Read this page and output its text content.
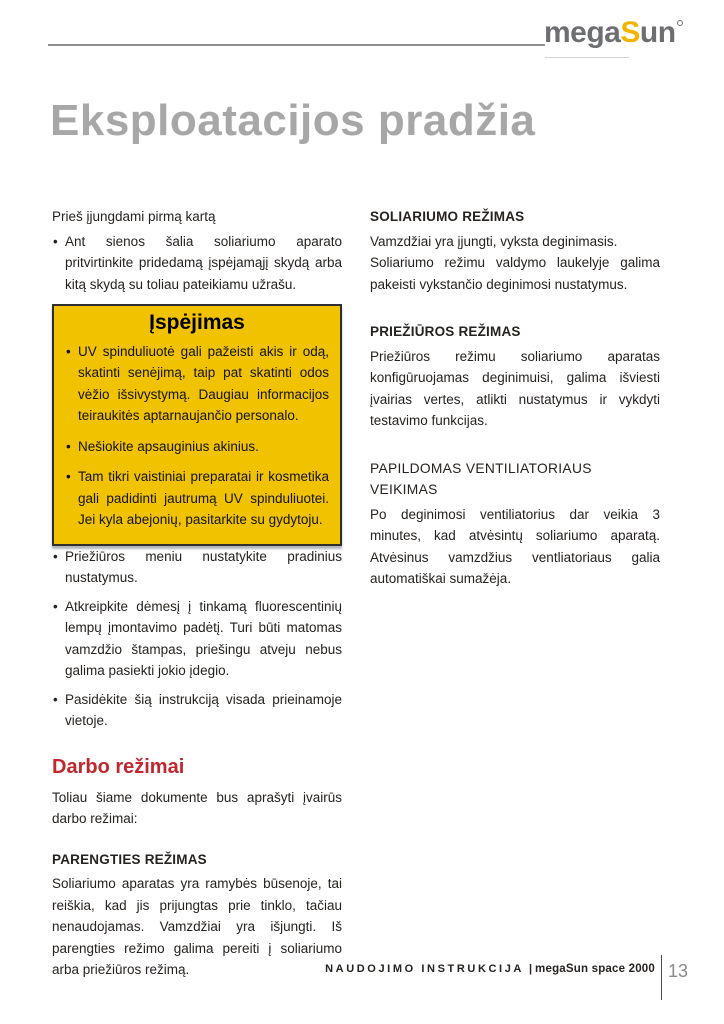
megaSun
Eksploatacijos pradžia

Prieš įjungdami pirmą kartą

• Ant sienos šalia soliariumo aparato pritvirtinkite pridedamą įspėjamąjį skydą arba kitą skydą su toliau pateikiamu užrašu.
Įspėjimas
• UV spinduliuotė gali pažeisti akis ir odą, skatinti senėjimą, taip pat skatinti odos vėžio išsivystymą. Daugiau informacijos teiraukitės aptarnaujančio personalo.
• Nešiokite apsauginius akinius.
• Tam tikri vaistiniai preparatai ir kosmetika gali padidinti jautrumą UV spinduliuotei. Jei kyla abejonių, pasitarkite su gydytoju.
• Priežiūros meniu nustatykite pradinius nustatymus.
• Atkreipkite dėmesį į tinkamą fluorescentinių lempų įmontavimo padėtį. Turi būti matomas vamzdžio štampas, priešingu atveju nebus galima pasiekti jokio įdegio.
• Pasidėkite šią instrukciją visada prieinamoje vietoje.
Darbo režimai

Toliau šiame dokumente bus aprašyti įvairūs darbo režimai:

PARENGTIES REŽIMAS

Soliariumo aparatas yra ramybės būsenoje, tai reiškia, kad jis prijungtas prie tinklo, tačiau nenaudojamas. Vamzdžiai yra išjungti. Iš parengties režimo galima pereiti į soliariumo arba priežiūros režimą.

SOLIARIUMO REŽIMAS

Vamzdžiai yra įjungti, vyksta deginimasis.

Soliariumo režimu valdymo laukelyje galima pakeisti vykstančio deginimosi nustatymus.

PRIEŽIŪROS REŽIMAS

Priežiūros režimu soliariumo aparatas konfigūruojamas deginimuisi, galima išviesti įvairias vertes, atlikti nustatymus ir vykdyti testavimo funkcijas.

PAPILDOMAS VENTILIATORIAUS VEIKIMAS

Po deginimosi ventiliatorius dar veikia 3 minutes, kad atvėsintų soliariumo aparatą. Atvėsinus vamzdžius ventliatoriaus galia automatiškai sumažėja.

NAUDOJIMO INSTRUKCIJA | megaSun space 2000 13
